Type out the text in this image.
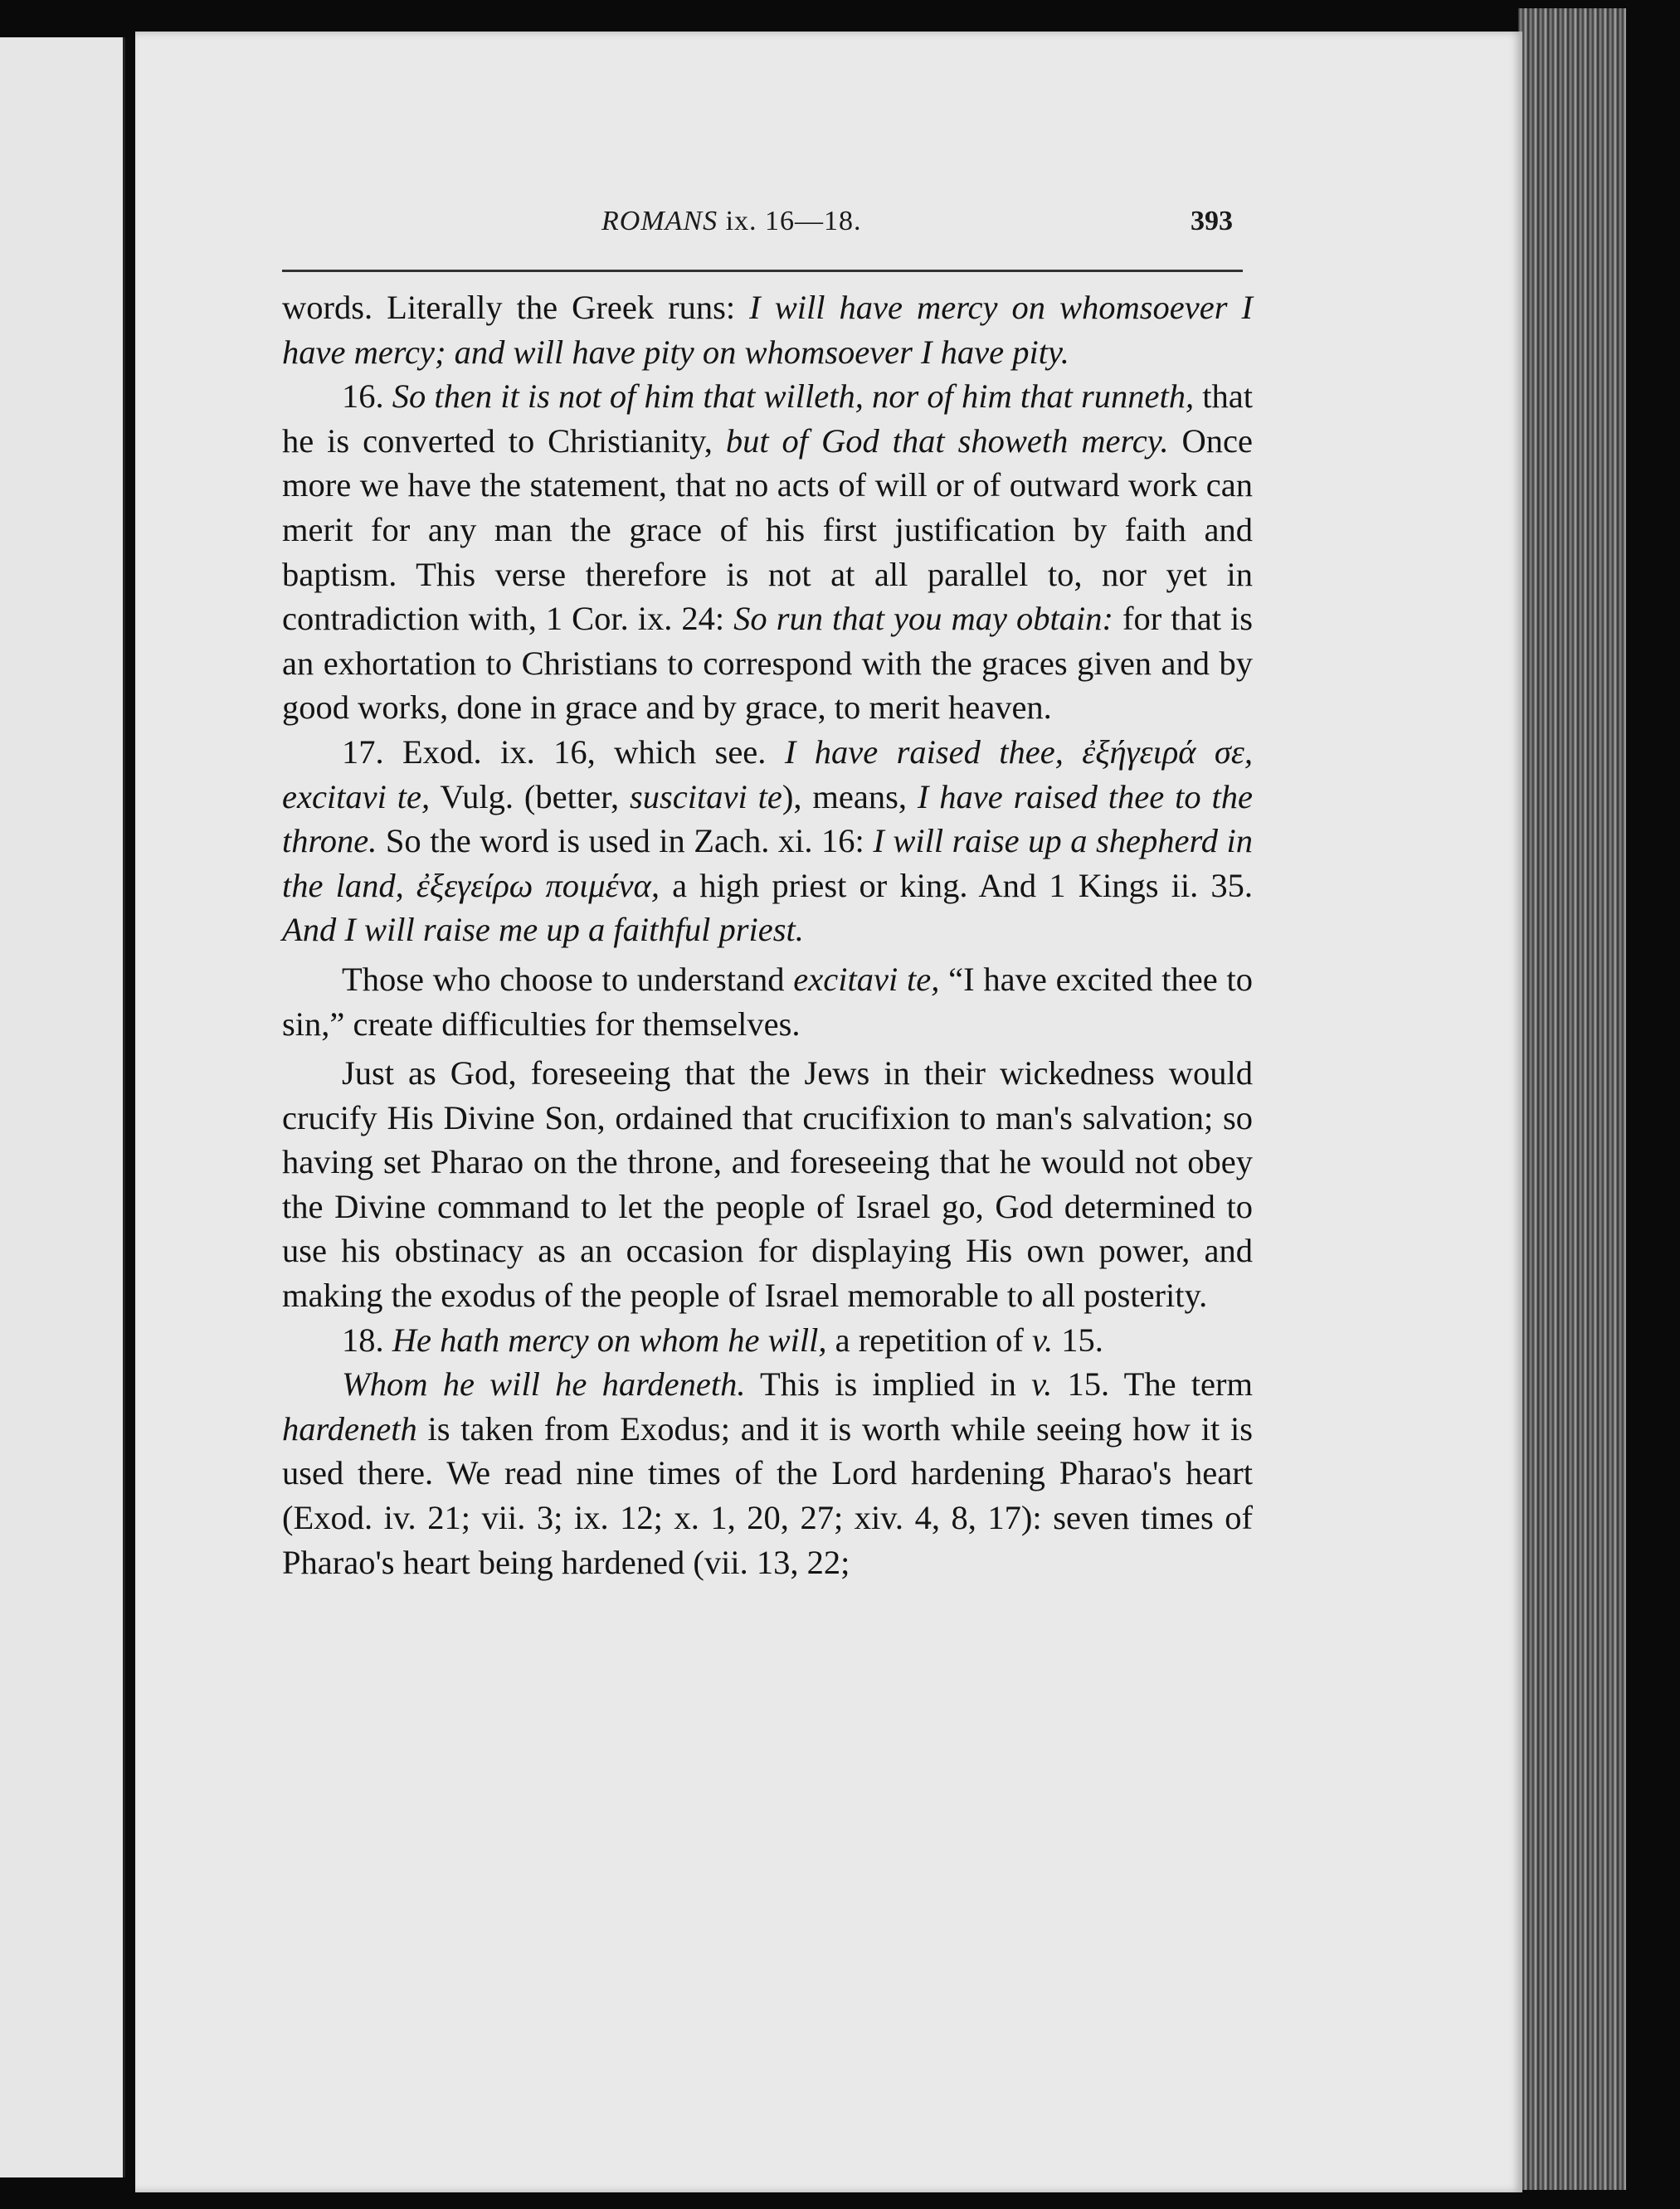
ROMANS ix. 16—18.	393

words. Literally the Greek runs: I will have mercy on whomsoever I have mercy; and will have pity on whomsoever I have pity.

16. So then it is not of him that willeth, nor of him that runneth, that he is converted to Christianity, but of God that showeth mercy. Once more we have the statement, that no acts of will or of outward work can merit for any man the grace of his first justification by faith and baptism. This verse therefore is not at all parallel to, nor yet in contradiction with, 1 Cor. ix. 24: So run that you may obtain: for that is an exhortation to Christians to correspond with the graces given and by good works, done in grace and by grace, to merit heaven.

17. Exod. ix. 16, which see. I have raised thee, ἐξήγειρά σε, excitavi te, Vulg. (better, suscitavi te), means, I have raised thee to the throne. So the word is used in Zach. xi. 16: I will raise up a shepherd in the land, ἐξεγείρω ποιμένα, a high priest or king. And 1 Kings ii. 35. And I will raise me up a faithful priest.

Those who choose to understand excitavi te, “I have excited thee to sin,” create difficulties for themselves.

Just as God, foreseeing that the Jews in their wickedness would crucify His Divine Son, ordained that crucifixion to man's salvation; so having set Pharao on the throne, and foreseeing that he would not obey the Divine command to let the people of Israel go, God determined to use his obstinacy as an occasion for displaying His own power, and making the exodus of the people of Israel memorable to all posterity.

18. He hath mercy on whom he will, a repetition of v. 15.

Whom he will he hardeneth. This is implied in v. 15. The term hardeneth is taken from Exodus; and it is worth while seeing how it is used there. We read nine times of the Lord hardening Pharao's heart (Exod. iv. 21; vii. 3; ix. 12; x. 1, 20, 27; xiv. 4, 8, 17): seven times of Pharao's heart being hardened (vii. 13, 22;
